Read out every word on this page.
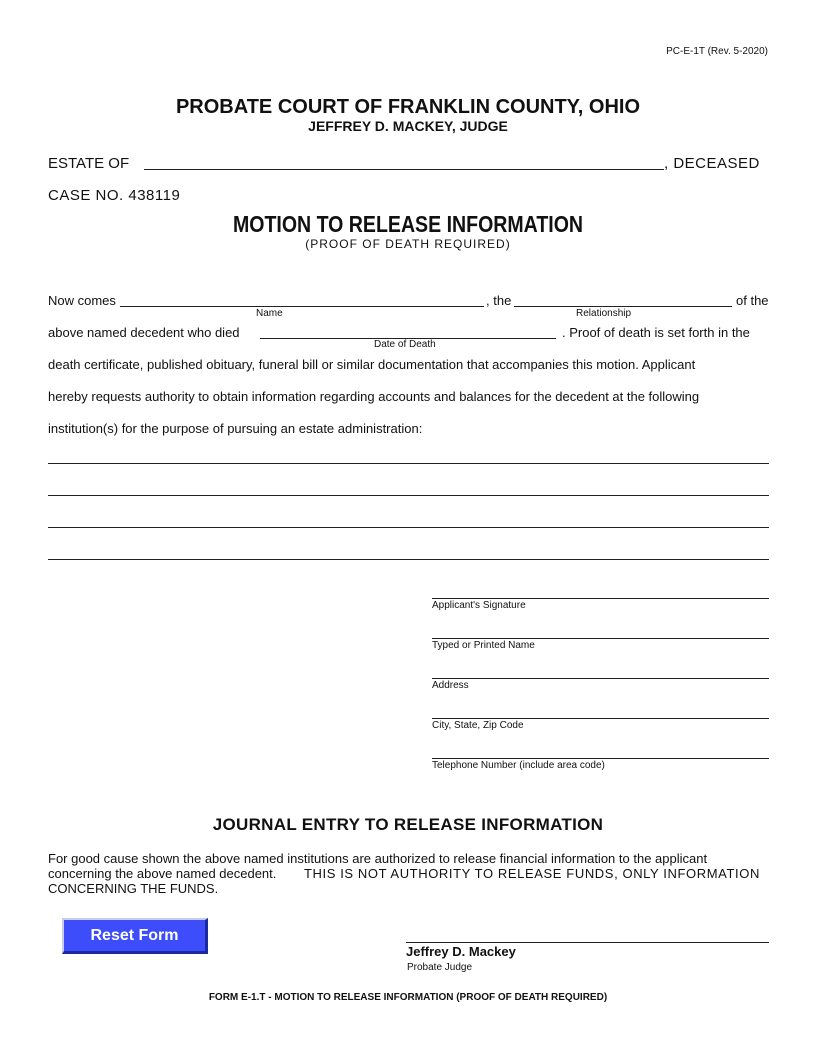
PC-E-1T (Rev. 5-2020)
PROBATE COURT OF FRANKLIN COUNTY, OHIO
JEFFREY D. MACKEY, JUDGE
ESTATE OF	, DECEASED
CASE NO. 438119
MOTION TO RELEASE INFORMATION
(PROOF OF DEATH REQUIRED)
Now comes	, the	of the
Name	Relationship
above named decedent who died	. Proof of death is set forth in the
Date of Death
death certificate, published obituary, funeral bill or similar documentation that accompanies this motion. Applicant
hereby requests authority to obtain information regarding accounts and balances for the decedent at the following
institution(s) for the purpose of pursuing an estate administration:
Applicant's Signature
Typed or Printed Name
Address
City, State, Zip Code
Telephone Number (include area code)
JOURNAL ENTRY TO RELEASE INFORMATION
For good cause shown the above named institutions are authorized to release financial information to the applicant
concerning the above named decedent. THIS IS NOT AUTHORITY TO RELEASE FUNDS, ONLY INFORMATION
CONCERNING THE FUNDS.
Reset Form
Jeffrey D. Mackey
Probate Judge
FORM E-1.T - MOTION TO RELEASE INFORMATION (PROOF OF DEATH REQUIRED)
